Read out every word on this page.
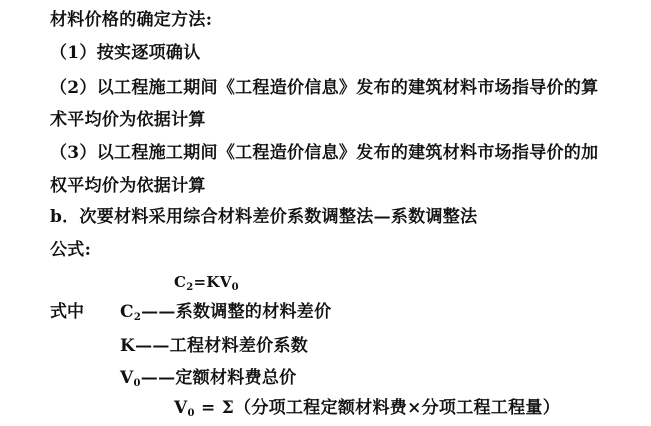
材料价格的确定方法:
（1）按实逐项确认
（2）以工程施工期间《工程造价信息》发布的建筑材料市场指导价的算
术平均价为依据计算
（3）以工程施工期间《工程造价信息》发布的建筑材料市场指导价的加
权平均价为依据计算
b．次要材料采用综合材料差价系数调整法—系数调整法
公式:
$C_2=KV_0$
式中 $C_2——$系数调整的材料差价
K——工程材料差价系数
$V_0——$定额材料费总价
$V_0 = \Sigma$（分项工程定额材料费×分项工程工程量）
